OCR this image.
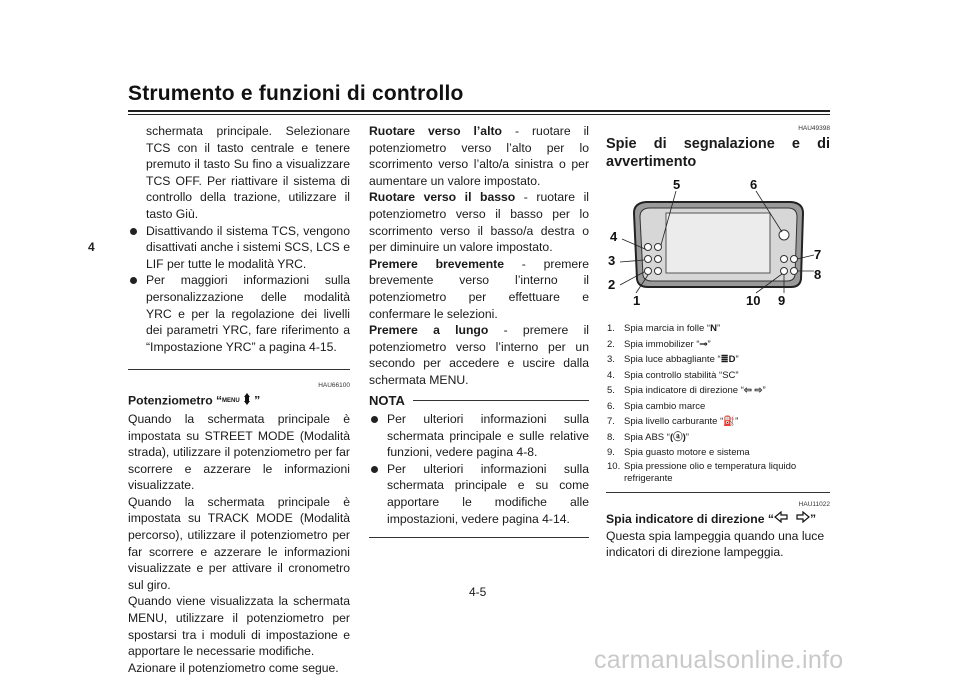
Strumento e funzioni di controllo
4
schermata principale. Selezionare TCS con il tasto centrale e tenere premuto il tasto Su fino a visualizzare TCS OFF. Per riattivare il sistema di controllo della trazione, utilizzare il tasto Giù.
Disattivando il sistema TCS, vengono disattivati anche i sistemi SCS, LCS e LIF per tutte le modalità YRC.
Per maggiori informazioni sulla personalizzazione delle modalità YRC e per la regolazione dei livelli dei parametri YRC, fare riferimento a “Impostazione YRC” a pagina 4-15.
HAU66100
Potenziometro “ MENU ”
Quando la schermata principale è impostata su STREET MODE (Modalità strada), utilizzare il potenziometro per far scorrere e azzerare le informazioni visualizzate.
Quando la schermata principale è impostata su TRACK MODE (Modalità percorso), utilizzare il potenziometro per far scorrere e azzerare le informazioni visualizzate e per attivare il cronometro sul giro.
Quando viene visualizzata la schermata MENU, utilizzare il potenziometro per spostarsi tra i moduli di impostazione e apportare le necessarie modifiche.
Azionare il potenziometro come segue.
Ruotare verso l’alto - ruotare il potenziometro verso l’alto per lo scorrimento verso l’alto/a sinistra o per aumentare un valore impostato.
Ruotare verso il basso - ruotare il potenziometro verso il basso per lo scorrimento verso il basso/a destra o per diminuire un valore impostato.
Premere brevemente - premere brevemente verso l’interno il potenziometro per effettuare e confermare le selezioni.
Premere a lungo - premere il potenziometro verso l’interno per un secondo per accedere e uscire dalla schermata MENU.
NOTA
Per ulteriori informazioni sulla schermata principale e sulle relative funzioni, vedere pagina 4-8.
Per ulteriori informazioni sulla schermata principale e su come apportare le modifiche alle impostazioni, vedere pagina 4-14.
HAU49398
Spie di segnalazione e di avvertimento
1
2
3
4
5	6
7
8
9
10
1. Spia marcia in folle “N”
2. Spia immobilizer “⊸”
3. Spia luce abbagliante “≣D”
4. Spia controllo stabilità “SC”
5. Spia indicatore di direzione “⇦ ⇨”
6. Spia cambio marce
7. Spia livello carburante “⛽”
8. Spia ABS “(ⓐ)”
9. Spia guasto motore e sistema
10. Spia pressione olio e temperatura liquido refrigerante
HAU11022
Spia indicatore di direzione “	”
Questa spia lampeggia quando una luce indicatori di direzione lampeggia.
4-5
carmanualsonline.info
